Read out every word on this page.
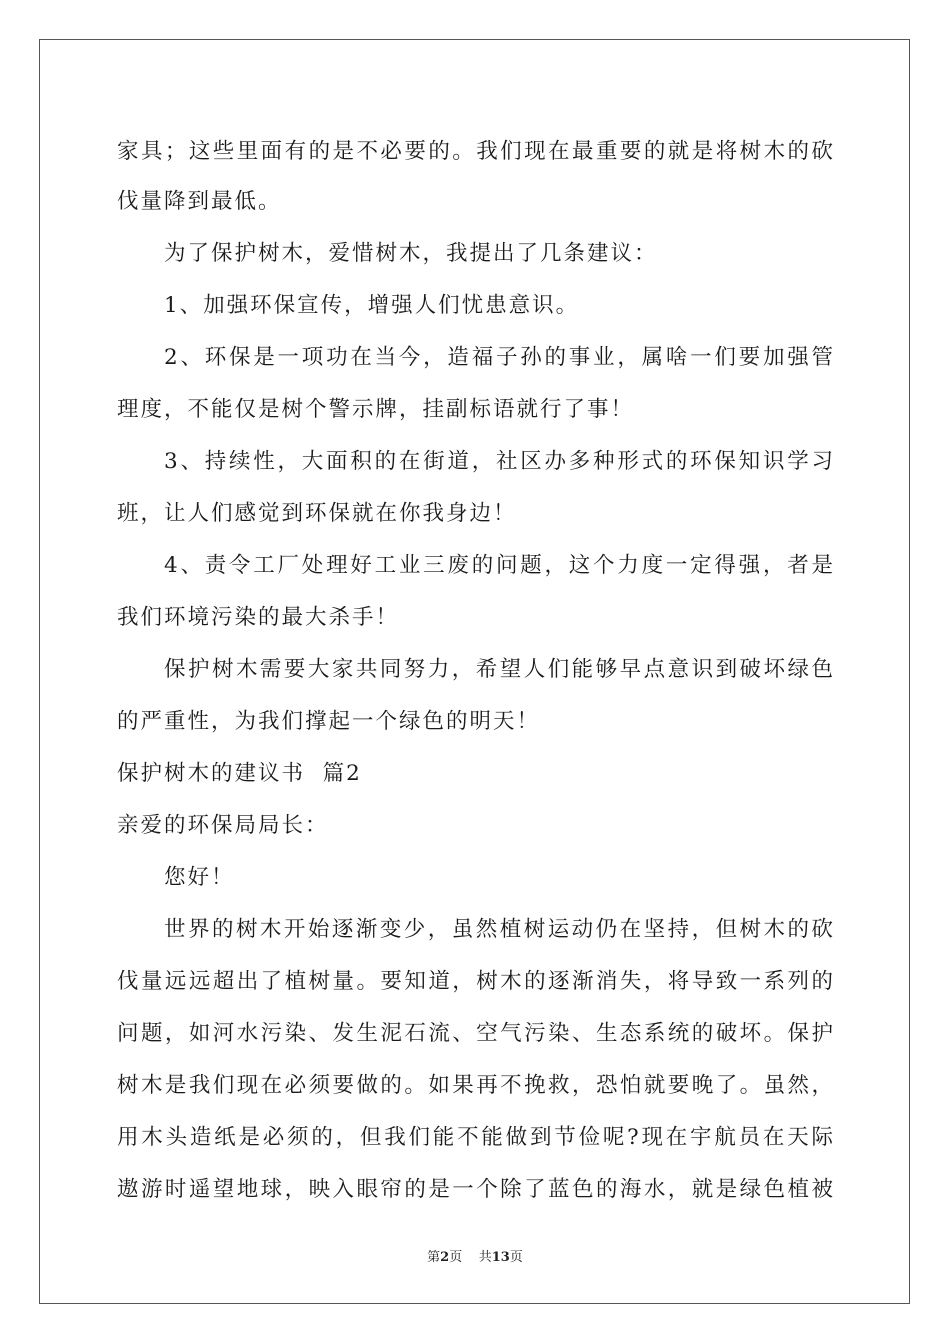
家具；这些里面有的是不必要的。我们现在最重要的就是将树木的砍
伐量降到最低。
为了保护树木，爱惜树木，我提出了几条建议：
1、加强环保宣传，增强人们忧患意识。
2、环保是一项功在当今，造福子孙的事业，属啥一们要加强管
理度，不能仅是树个警示牌，挂副标语就行了事！
3、持续性，大面积的在街道，社区办多种形式的环保知识学习
班，让人们感觉到环保就在你我身边！
4、责令工厂处理好工业三废的问题，这个力度一定得强，者是
我们环境污染的最大杀手！
保护树木需要大家共同努力，希望人们能够早点意识到破坏绿色
的严重性，为我们撑起一个绿色的明天！
保护树木的建议书  篇2
亲爱的环保局局长：
您好！
世界的树木开始逐渐变少，虽然植树运动仍在坚持，但树木的砍
伐量远远超出了植树量。要知道，树木的逐渐消失，将导致一系列的
问题，如河水污染、发生泥石流、空气污染、生态系统的破坏。保护
树木是我们现在必须要做的。如果再不挽救，恐怕就要晚了。虽然，
用木头造纸是必须的，但我们能不能做到节俭呢?现在宇航员在天际
遨游时遥望地球，映入眼帘的是一个除了蓝色的海水，就是绿色植被
第2页    共13页
